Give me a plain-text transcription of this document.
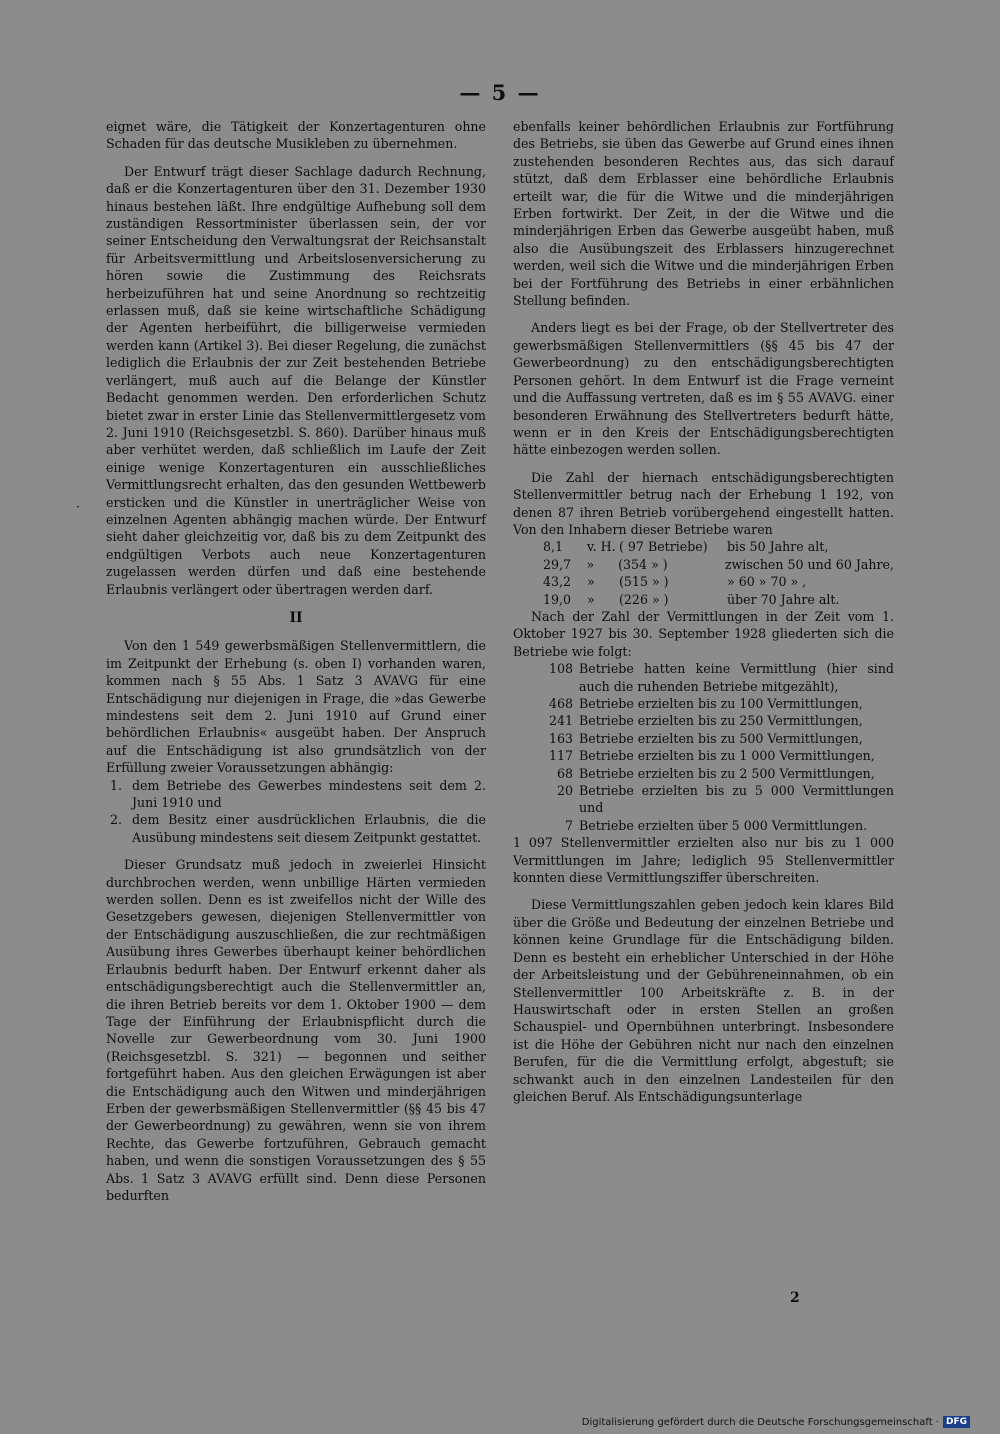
— 5 —
·

eignet wäre, die Tätigkeit der Konzertagenturen ohne Schaden für das deutsche Musikleben zu übernehmen.

Der Entwurf trägt dieser Sachlage dadurch Rechnung, daß er die Konzertagenturen über den 31. Dezember 1930 hinaus bestehen läßt. Ihre endgültige Aufhebung soll dem zuständigen Ressortminister überlassen sein, der vor seiner Entscheidung den Verwaltungsrat der Reichsanstalt für Arbeitsvermittlung und Arbeitslosenversicherung zu hören sowie die Zustimmung des Reichsrats herbeizuführen hat und seine Anordnung so rechtzeitig erlassen muß, daß sie keine wirtschaftliche Schädigung der Agenten herbeiführt, die billigerweise vermieden werden kann (Artikel 3). Bei dieser Regelung, die zunächst lediglich die Erlaubnis der zur Zeit bestehenden Betriebe verlängert, muß auch auf die Belange der Künstler Bedacht genommen werden. Den erforderlichen Schutz bietet zwar in erster Linie das Stellenvermittlergesetz vom 2. Juni 1910 (Reichsgesetzbl. S. 860). Darüber hinaus muß aber verhütet werden, daß schließlich im Laufe der Zeit einige wenige Konzertagenturen ein ausschließliches Vermittlungsrecht erhalten, das den gesunden Wettbewerb ersticken und die Künstler in unerträglicher Weise von einzelnen Agenten abhängig machen würde. Der Entwurf sieht daher gleichzeitig vor, daß bis zu dem Zeitpunkt des endgültigen Verbots auch neue Konzertagenturen zugelassen werden dürfen und daß eine bestehende Erlaubnis verlängert oder übertragen werden darf.

II

Von den 1 549 gewerbsmäßigen Stellenvermittlern, die im Zeitpunkt der Erhebung (s. oben I) vorhanden waren, kommen nach § 55 Abs. 1 Satz 3 AVAVG für eine Entschädigung nur diejenigen in Frage, die »das Gewerbe mindestens seit dem 2. Juni 1910 auf Grund einer behördlichen Erlaubnis« ausgeübt haben. Der Anspruch auf die Entschädigung ist also grundsätzlich von der Erfüllung zweier Voraussetzungen abhängig:

1. dem Betriebe des Gewerbes mindestens seit dem 2. Juni 1910 und
2. dem Besitz einer ausdrücklichen Erlaubnis, die die Ausübung mindestens seit diesem Zeitpunkt gestattet.

Dieser Grundsatz muß jedoch in zweierlei Hinsicht durchbrochen werden, wenn unbillige Härten vermieden werden sollen. Denn es ist zweifellos nicht der Wille des Gesetzgebers gewesen, diejenigen Stellenvermittler von der Entschädigung auszuschließen, die zur rechtmäßigen Ausübung ihres Gewerbes überhaupt keiner behördlichen Erlaubnis bedurft haben. Der Entwurf erkennt daher als entschädigungsberechtigt auch die Stellenvermittler an, die ihren Betrieb bereits vor dem 1. Oktober 1900 — dem Tage der Einführung der Erlaubnispflicht durch die Novelle zur Gewerbeordnung vom 30. Juni 1900 (Reichsgesetzbl. S. 321) — begonnen und seither fortgeführt haben. Aus den gleichen Erwägungen ist aber die Entschädigung auch den Witwen und minderjährigen Erben der gewerbsmäßigen Stellenvermittler (§§ 45 bis 47 der Gewerbeordnung) zu gewähren, wenn sie von ihrem Rechte, das Gewerbe fortzuführen, Gebrauch gemacht haben, und wenn die sonstigen Voraussetzungen des § 55 Abs. 1 Satz 3 AVAVG erfüllt sind. Denn diese Personen bedurften

ebenfalls keiner behördlichen Erlaubnis zur Fortführung des Betriebs, sie üben das Gewerbe auf Grund eines ihnen zustehenden besonderen Rechtes aus, das sich darauf stützt, daß dem Erblasser eine behördliche Erlaubnis erteilt war, die für die Witwe und die minderjährigen Erben fortwirkt. Der Zeit, in der die Witwe und die minderjährigen Erben das Gewerbe ausgeübt haben, muß also die Ausübungszeit des Erblassers hinzugerechnet werden, weil sich die Witwe und die minderjährigen Erben bei der Fortführung des Betriebs in einer erbähnlichen Stellung befinden.

Anders liegt es bei der Frage, ob der Stellvertreter des gewerbsmäßigen Stellenvermittlers (§§ 45 bis 47 der Gewerbeordnung) zu den entschädigungsberechtigten Personen gehört. In dem Entwurf ist die Frage verneint und die Auffassung vertreten, daß es im § 55 AVAVG. einer besonderen Erwähnung des Stellvertreters bedurft hätte, wenn er in den Kreis der Entschädigungsberechtigten hätte einbezogen werden sollen.

Die Zahl der hiernach entschädigungsberechtigten Stellenvermittler betrug nach der Erhebung 1 192, von denen 87 ihren Betrieb vorübergehend eingestellt hatten. Von den Inhabern dieser Betriebe waren

8,1	v. H. ( 97 Betriebe)	bis 50 Jahre alt,
29,7	»	(354 » )	zwischen 50 und 60 Jahre,
43,2	»	(515 » )	» 60 » 70 » ,
19,0	»	(226 » )	über 70 Jahre alt.

Nach der Zahl der Vermittlungen in der Zeit vom 1. Oktober 1927 bis 30. September 1928 gliederten sich die Betriebe wie folgt:

108 Betriebe hatten keine Vermittlung (hier sind auch die ruhenden Betriebe mitgezählt),
468 Betriebe erzielten bis zu 100 Vermittlungen,
241 Betriebe erzielten bis zu 250 Vermittlungen,
163 Betriebe erzielten bis zu 500 Vermittlungen,
117 Betriebe erzielten bis zu 1 000 Vermittlungen,
68 Betriebe erzielten bis zu 2 500 Vermittlungen,
20 Betriebe erzielten bis zu 5 000 Vermittlungen und
7 Betriebe erzielten über 5 000 Vermittlungen.

1 097 Stellenvermittler erzielten also nur bis zu 1 000 Vermittlungen im Jahre; lediglich 95 Stellenvermittler konnten diese Vermittlungsziffer überschreiten.

Diese Vermittlungszahlen geben jedoch kein klares Bild über die Größe und Bedeutung der einzelnen Betriebe und können keine Grundlage für die Entschädigung bilden. Denn es besteht ein erheblicher Unterschied in der Höhe der Arbeitsleistung und der Gebühreneinnahmen, ob ein Stellenvermittler 100 Arbeitskräfte z. B. in der Hauswirtschaft oder in ersten Stellen an großen Schauspiel- und Opernbühnen unterbringt. Insbesondere ist die Höhe der Gebühren nicht nur nach den einzelnen Berufen, für die die Vermittlung erfolgt, abgestuft; sie schwankt auch in den einzelnen Landesteilen für den gleichen Beruf. Als Entschädigungsunterlage

2
Digitalisierung gefördert durch die Deutsche Forschungsgemeinschaft · DFG
